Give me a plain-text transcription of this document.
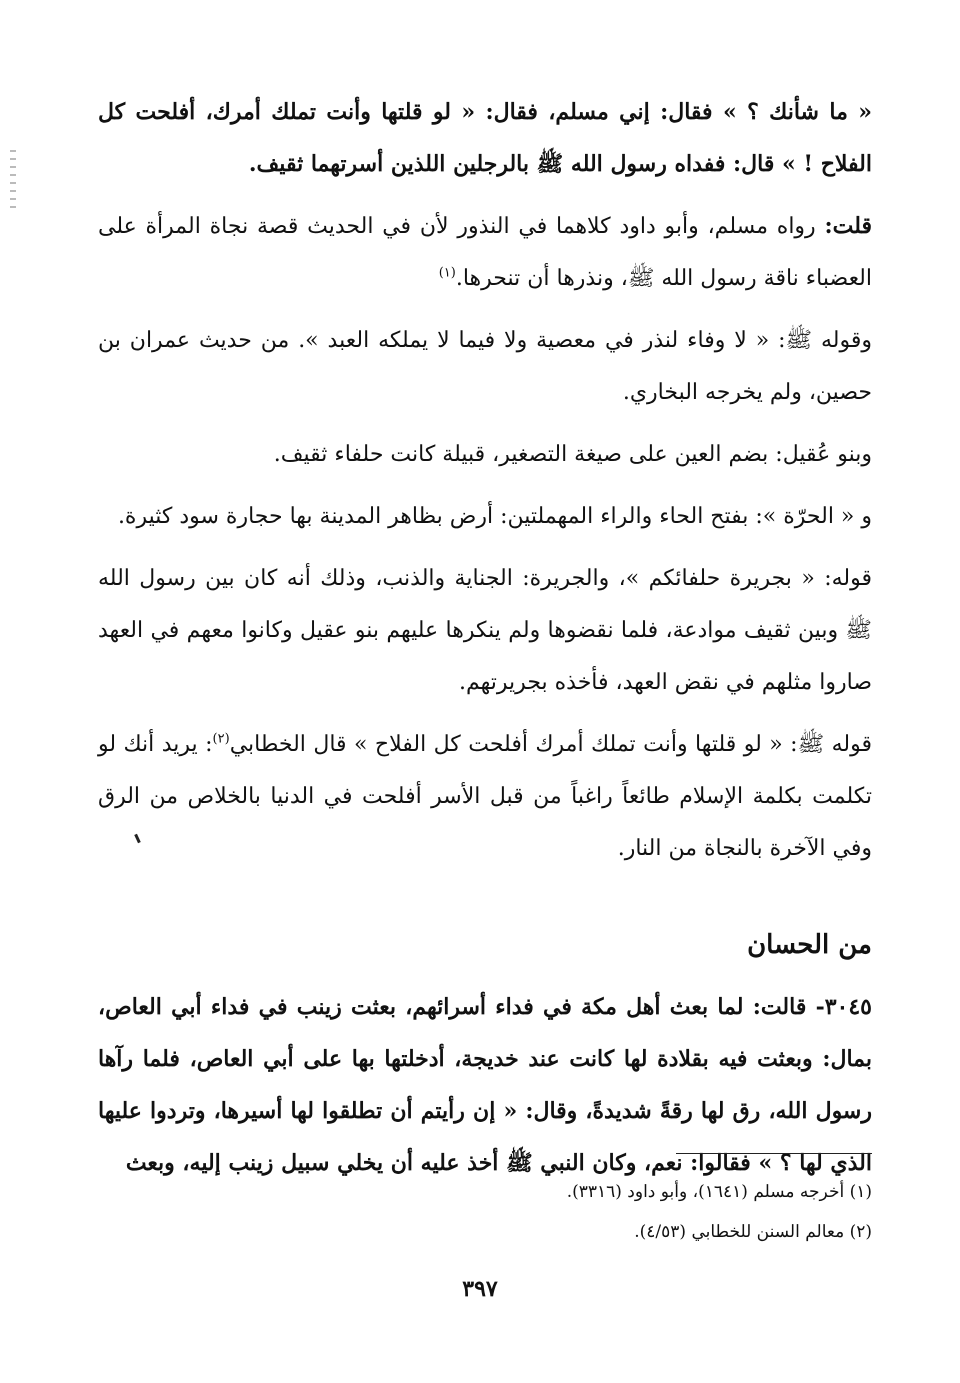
« ما شأنك ؟ » فقال: إني مسلم، فقال: « لو قلتها وأنت تملك أمرك، أفلحت كل الفلاح ! » قال: ففداه رسول الله ﷺ بالرجلين اللذين أسرتهما ثقيف.

قلت: رواه مسلم، وأبو داود كلاهما في النذور لأن في الحديث قصة نجاة المرأة على العضباء ناقة رسول الله ﷺ، ونذرها أن تنحرها.$^{(١)}$

وقوله ﷺ: « لا وفاء لنذر في معصية ولا فيما لا يملكه العبد ». من حديث عمران بن حصين، ولم يخرجه البخاري.

وبنو عُقيل: بضم العين على صيغة التصغير، قبيلة كانت حلفاء ثقيف.

و « الحرّة »: بفتح الحاء والراء المهملتين: أرض بظاهر المدينة بها حجارة سود كثيرة.

قوله: « بجريرة حلفائكم »، والجريرة: الجناية والذنب، وذلك أنه كان بين رسول الله ﷺ وبين ثقيف موادعة، فلما نقضوها ولم ينكرها عليهم بنو عقيل وكانوا معهم في العهد صاروا مثلهم في نقض العهد، فأخذه بجريرتهم.

قوله ﷺ: « لو قلتها وأنت تملك أمرك أفلحت كل الفلاح » قال الخطابي$^{(٢)}$: يريد أنك لو تكلمت بكلمة الإسلام طائعاً راغباً من قبل الأسر أفلحت في الدنيا بالخلاص من الرق وفي الآخرة بالنجاة من النار.

من الحسان

٣٠٤٥- قالت: لما بعث أهل مكة في فداء أسرائهم، بعثت زينب في فداء أبي العاص، بمال: وبعثت فيه بقلادة لها كانت عند خديجة، أدخلتها بها على أبي العاص، فلما رآها رسول الله، رق لها رقةً شديدةً، وقال: « إن رأيتم أن تطلقوا لها أسيرها، وتردوا عليها الذي لها ؟ » فقالوا: نعم، وكان النبي ﷺ أخذ عليه أن يخلي سبيل زينب إليه، وبعث

(١) أخرجه مسلم (١٦٤١)، وأبو داود (٣٣١٦).

(٢) معالم السنن للخطابي (٤/٥٣).

٣٩٧
